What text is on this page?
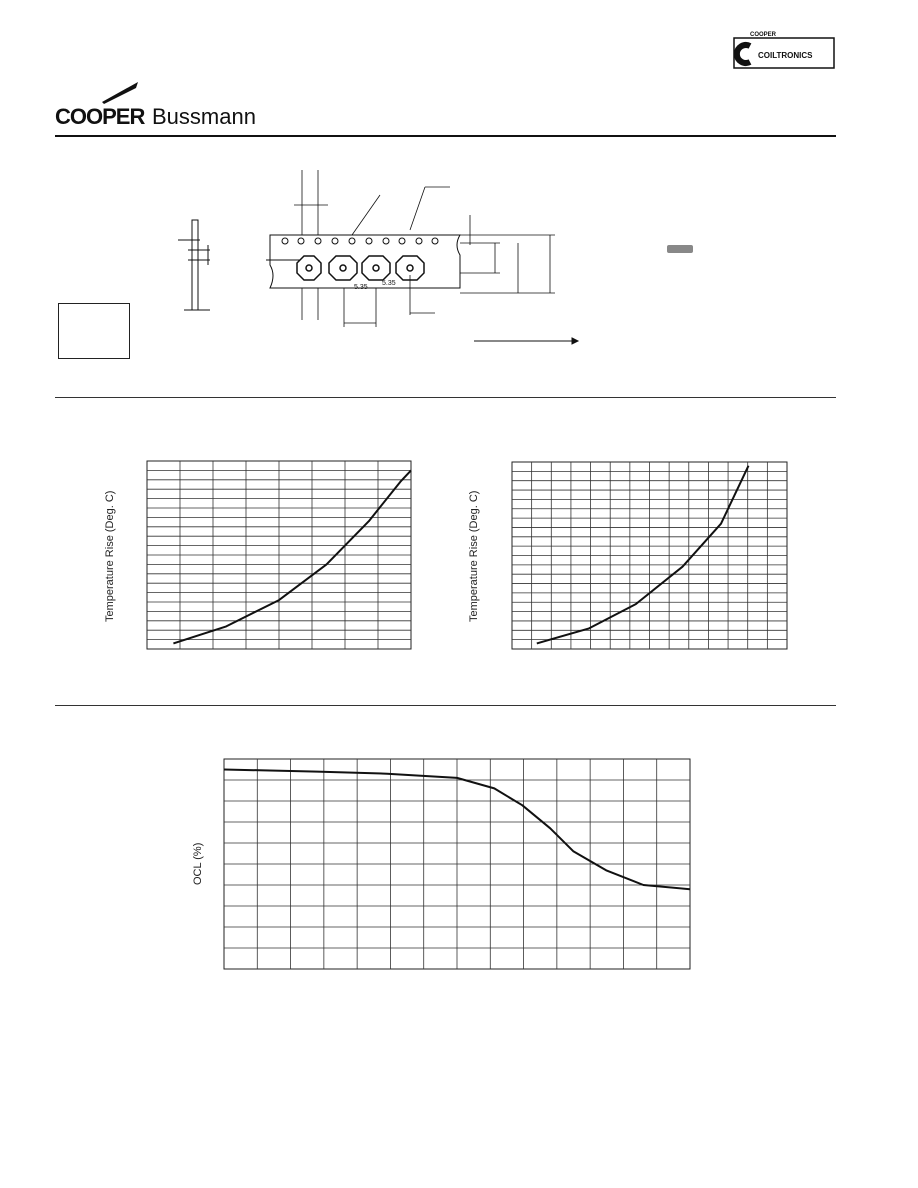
COOPER Bussmann
COILTRONICS
COOPER
5.35
5.35
Temperature Rise (Deg. C)	Temperature Rise (Deg. C)
OCL (%)
